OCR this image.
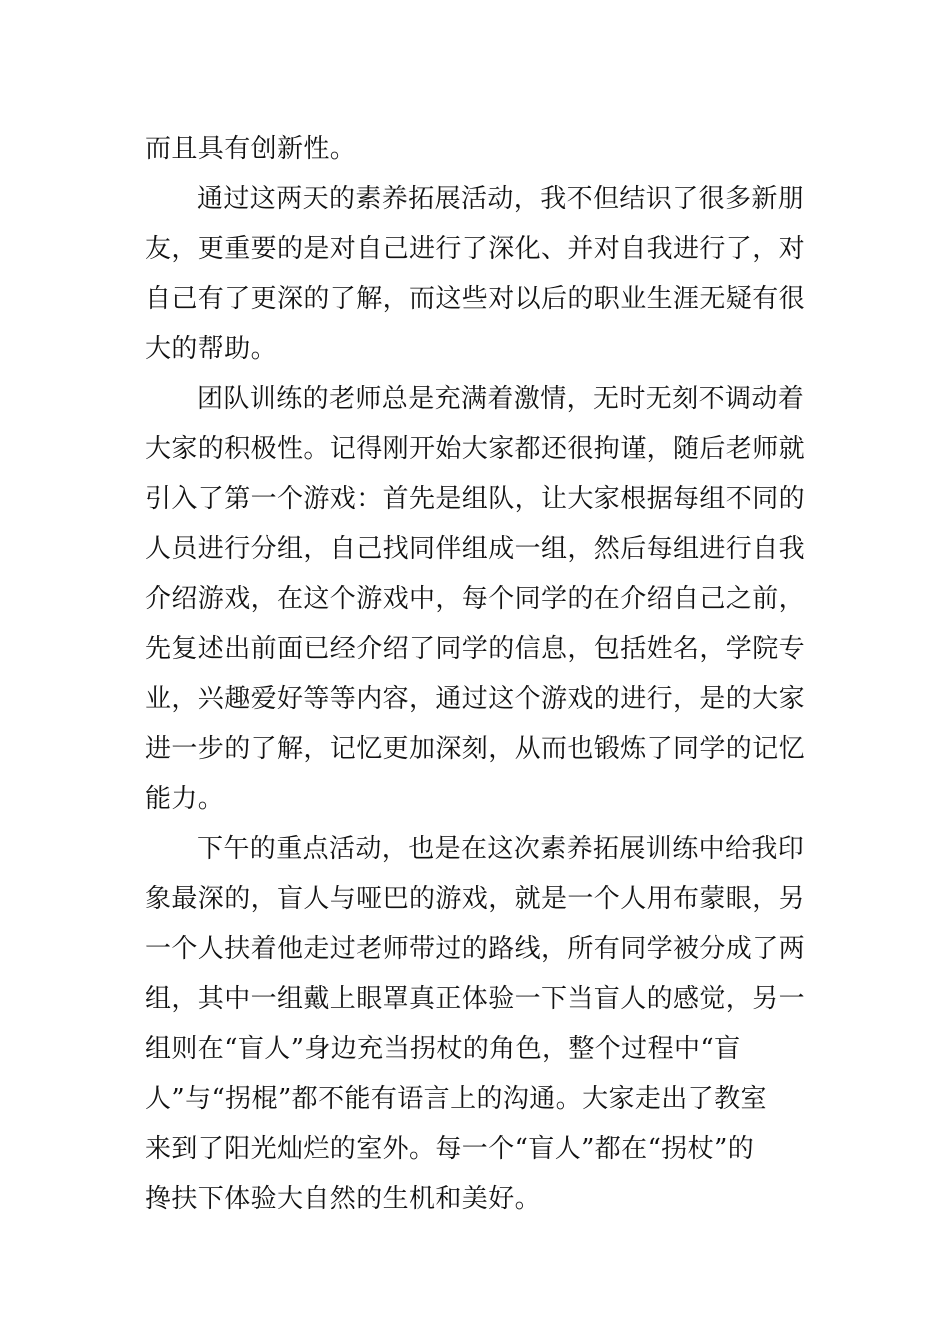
而且具有创新性。
通过这两天的素养拓展活动，我不但结识了很多新朋
友，更重要的是对自己进行了深化、并对自我进行了，对
自己有了更深的了解，而这些对以后的职业生涯无疑有很
大的帮助。
团队训练的老师总是充满着激情，无时无刻不调动着
大家的积极性。记得刚开始大家都还很拘谨，随后老师就
引入了第一个游戏：首先是组队，让大家根据每组不同的
人员进行分组，自己找同伴组成一组，然后每组进行自我
介绍游戏，在这个游戏中，每个同学的在介绍自己之前，
先复述出前面已经介绍了同学的信息，包括姓名，学院专
业，兴趣爱好等等内容，通过这个游戏的进行，是的大家
进一步的了解，记忆更加深刻，从而也锻炼了同学的记忆
能力。
下午的重点活动，也是在这次素养拓展训练中给我印
象最深的，盲人与哑巴的游戏，就是一个人用布蒙眼，另
一个人扶着他走过老师带过的路线，所有同学被分成了两
组，其中一组戴上眼罩真正体验一下当盲人的感觉，另一
组则在“盲人”身边充当拐杖的角色，整个过程中“盲
人”与“拐棍”都不能有语言上的沟通。大家走出了教室
来到了阳光灿烂的室外。每一个“盲人”都在“拐杖”的
搀扶下体验大自然的生机和美好。
